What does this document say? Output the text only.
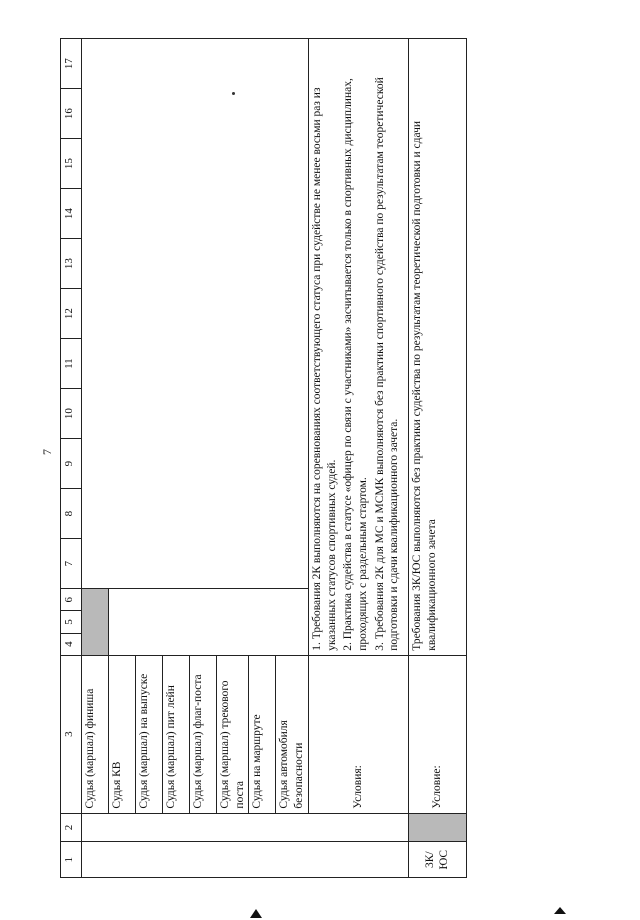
7
1	2	3	4	5	6	7	8	9	10	11	12	13	14	15	16	17
		Судья (маршал) финиша														
		Судья КВ														
		Судья (маршал) на выпуске														
		Судья (маршал) пит лейн														
		Судья (маршал) флаг-поста														
		Судья (маршал) трекового поста														
		Судья на маршруте														
		Судья автомобиля безопасности														
		Условия:	1. Требования 2К выполняются на соревнованиях соответствующего статуса при судействе не менее восьми раз из указанных статусов спортивных судей. 2. Практика судейства в статусе «офицер по связи с участниками» засчитывается только в спортивных дисциплинах, проходящих с раздельным стартом. 3. Требования 2К для МС и МСМК выполняются без практики спортивного судейства по результатам теоретической подготовки и сдачи квалификационного зачета.													

3К/ЮС		Условие:	Требования 3К/ЮС выполняются без практики судейства по результатам теоретической подготовки и сдачи квалификационного зачета													
